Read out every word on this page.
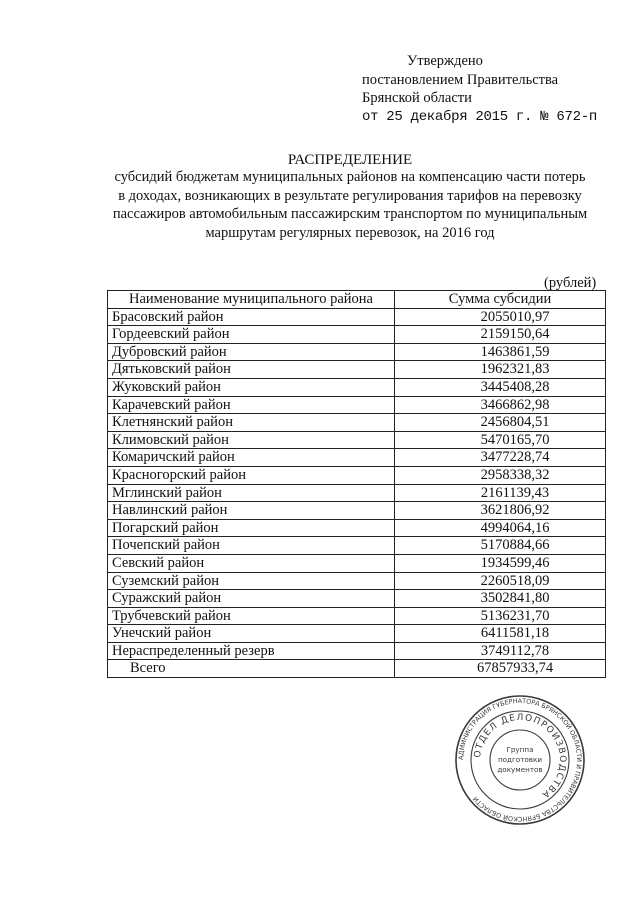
Утверждено
постановлением Правительства
Брянской области
от 25 декабря 2015 г. № 672-п
РАСПРЕДЕЛЕНИЕ
субсидий бюджетам муниципальных районов на компенсацию части потерь
в доходах, возникающих в результате регулирования тарифов на перевозку
пассажиров автомобильным пассажирским транспортом по муниципальным
маршрутам регулярных перевозок, на 2016 год
(рублей)
Наименование муниципального района	Сумма субсидии
Брасовский район	2055010,97
Гордеевский район	2159150,64
Дубровский район	1463861,59
Дятьковский район	1962321,83
Жуковский район	3445408,28
Карачевский район	3466862,98
Клетнянский район	2456804,51
Климовский район	5470165,70
Комаричский район	3477228,74
Красногорский район	2958338,32
Мглинский район	2161139,43
Навлинский район	3621806,92
Погарский район	4994064,16
Почепский район	5170884,66
Севский район	1934599,46
Суземский район	2260518,09
Суражский район	3502841,80
Трубчевский район	5136231,70
Унечский район	6411581,18
Нераспределенный резерв	3749112,78
Всего	67857933,74
АДМИНИСТРАЦИЯ ГУБЕРНАТОРА БРЯНСКОЙ ОБЛАСТИ И ПРАВИТЕЛЬСТВА БРЯНСКОЙ ОБЛАСТИ
ОТДЕЛ ДЕЛОПРОИЗВОДСТВА
Группа
подготовки
документов
